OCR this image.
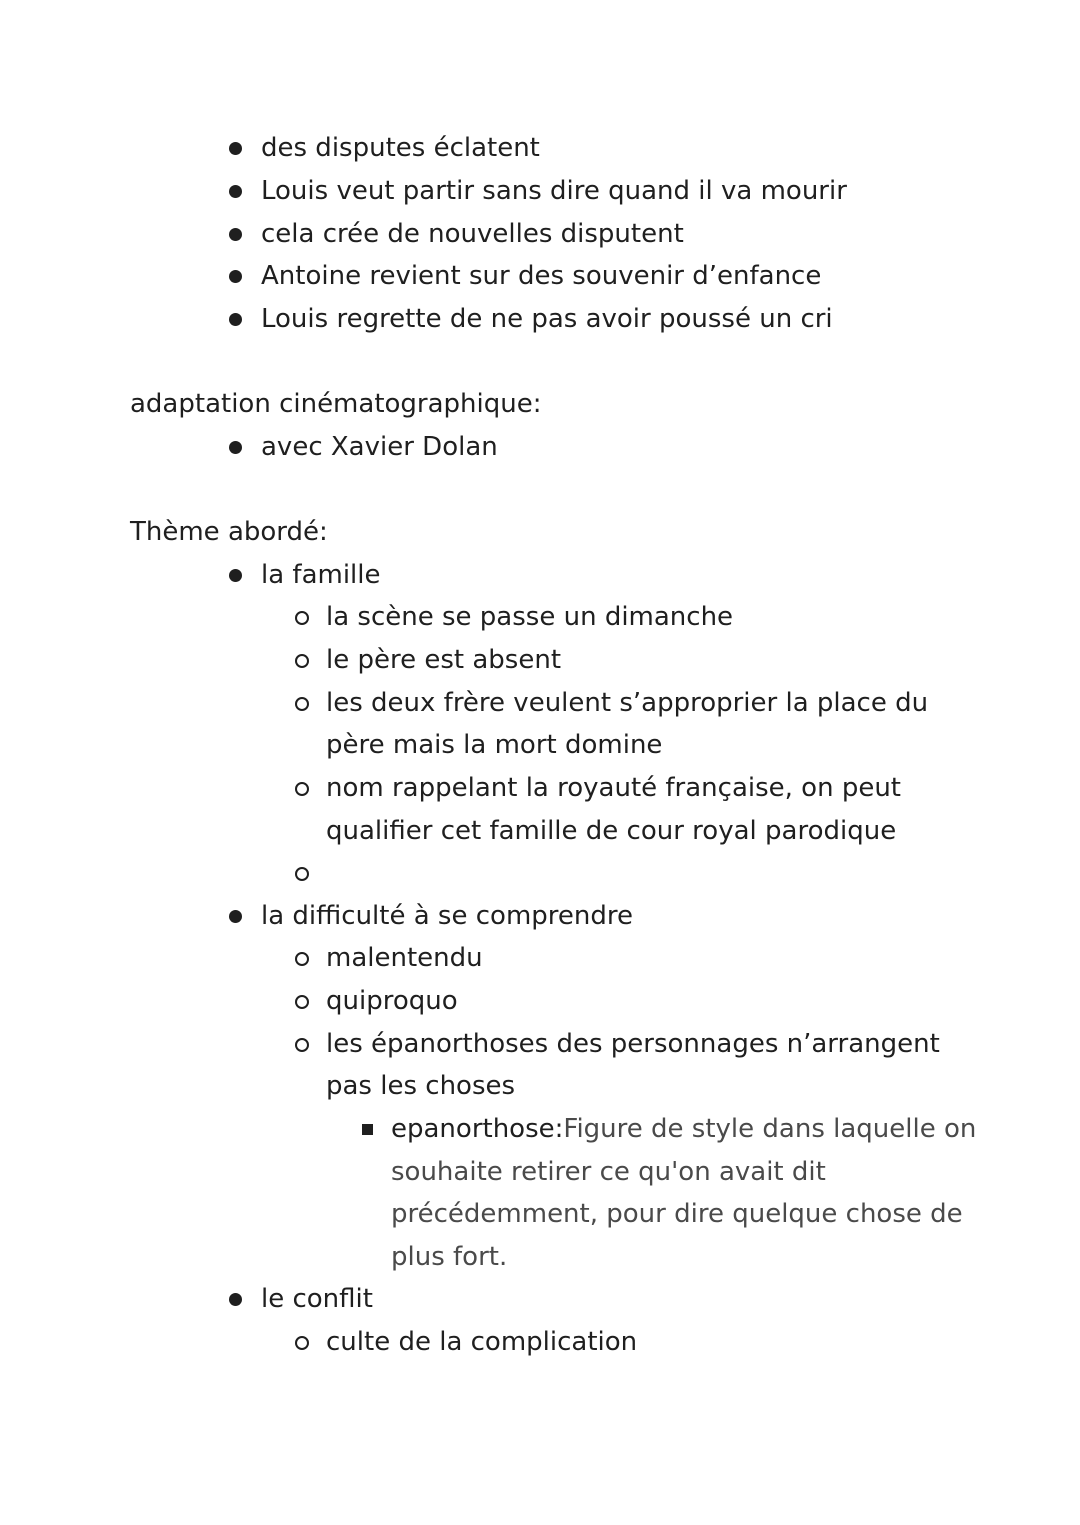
des disputes éclatent
Louis veut partir sans dire quand il va mourir
cela crée de nouvelles disputent
Antoine revient sur des souvenir d’enfance
Louis regrette de ne pas avoir poussé un cri
adaptation cinématographique:
avec Xavier Dolan
Thème abordé:
la famille
la scène se passe un dimanche
le père est absent
les deux frère veulent s’approprier la place du
père mais la mort domine
nom rappelant la royauté française, on peut
qualifier cet famille de cour royal parodique
la difficulté à se comprendre
malentendu
quiproquo
les épanorthoses des personnages n’arrangent
pas les choses
epanorthose:Figure de style dans laquelle on
souhaite retirer ce qu'on avait dit
précédemment, pour dire quelque chose de
plus fort.
le conflit
culte de la complication
